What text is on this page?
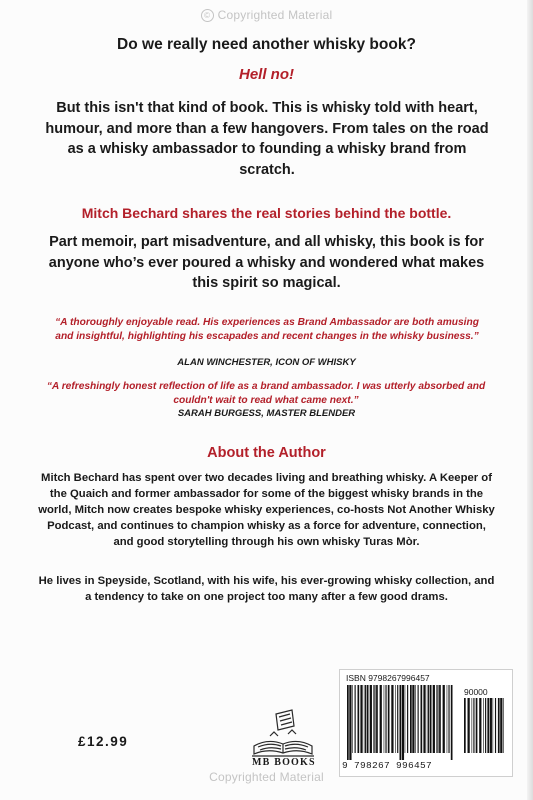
© Copyrighted Material
Do we really need another whisky book?
Hell no!
But this isn't that kind of book. This is whisky told with heart, humour, and more than a few hangovers. From tales on the road as a whisky ambassador to founding a whisky brand from scratch.
Mitch Bechard shares the real stories behind the bottle.
Part memoir, part misadventure, and all whisky, this book is for anyone who’s ever poured a whisky and wondered what makes this spirit so magical.
“A thoroughly enjoyable read. His experiences as Brand Ambassador are both amusing and insightful, highlighting his escapades and recent changes in the whisky business.”
ALAN WINCHESTER, ICON OF WHISKY
“A refreshingly honest reflection of life as a brand ambassador. I was utterly absorbed and couldn't wait to read what came next.”
SARAH BURGESS, MASTER BLENDER
About the Author
Mitch Bechard has spent over two decades living and breathing whisky. A Keeper of the Quaich and former ambassador for some of the biggest whisky brands in the world, Mitch now creates bespoke whisky experiences, co-hosts Not Another Whisky Podcast, and continues to champion whisky as a force for adventure, connection, and good storytelling through his own whisky Turas Mòr.
He lives in Speyside, Scotland, with his wife, his ever-growing whisky collection, and a tendency to take on one project too many after a few good drams.
£12.99
MB BOOKS
ISBN 9798267996457
90000
9 798267 996457
Copyrighted Material
